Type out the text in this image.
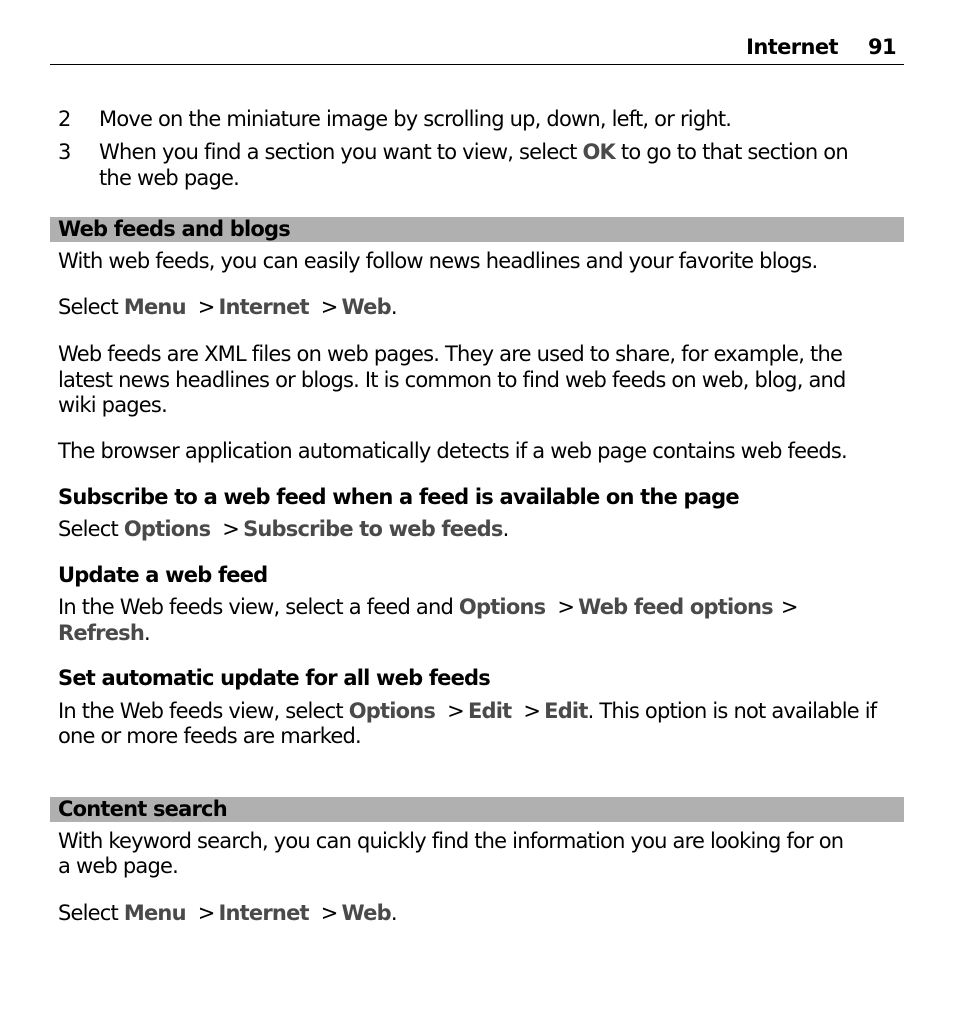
Internet 91
2 Move on the miniature image by scrolling up, down, left, or right.
3 When you find a section you want to view, select OK to go to that section on
the web page.
Web feeds and blogs
With web feeds, you can easily follow news headlines and your favorite blogs.
Select Menu > Internet > Web.
Web feeds are XML files on web pages. They are used to share, for example, the
latest news headlines or blogs. It is common to find web feeds on web, blog, and
wiki pages.
The browser application automatically detects if a web page contains web feeds.
Subscribe to a web feed when a feed is available on the page
Select Options > Subscribe to web feeds.
Update a web feed
In the Web feeds view, select a feed and Options > Web feed options >
Refresh.
Set automatic update for all web feeds
In the Web feeds view, select Options > Edit > Edit. This option is not available if
one or more feeds are marked.
Content search
With keyword search, you can quickly find the information you are looking for on
a web page.
Select Menu > Internet > Web.
